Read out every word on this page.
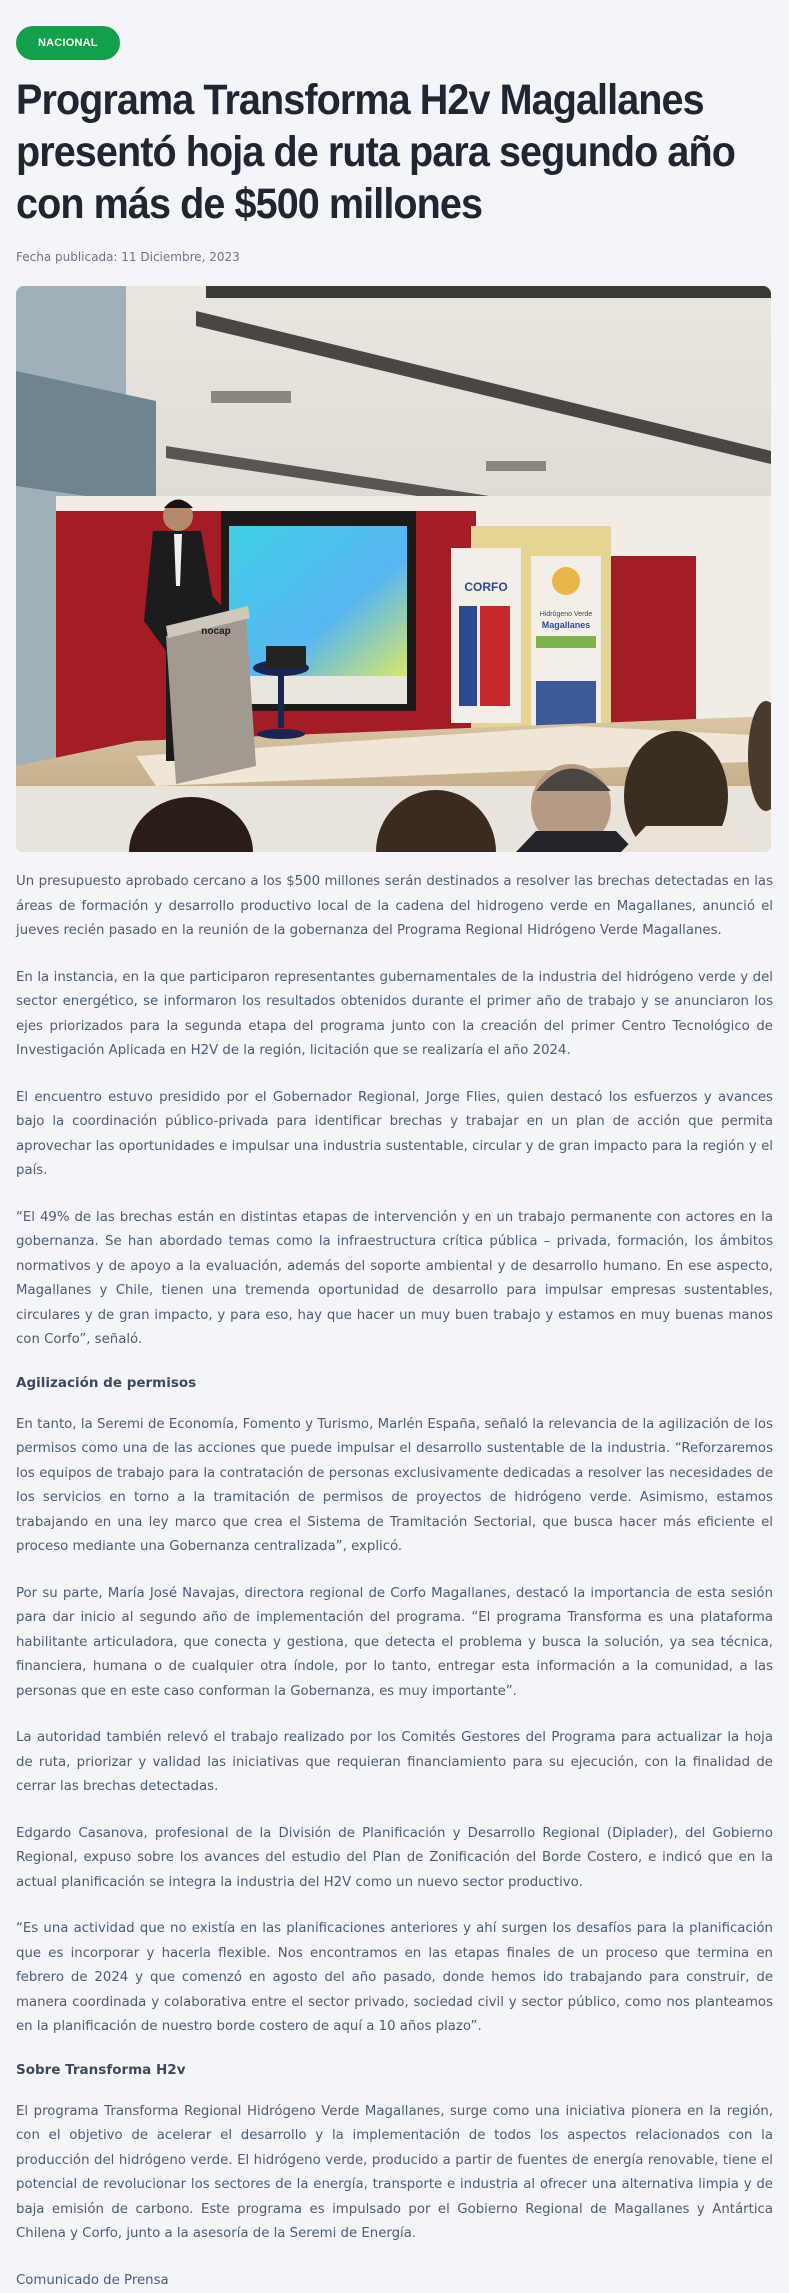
NACIONAL
Programa Transforma H2v Magallanes presentó hoja de ruta para segundo año con más de $500 millones
Fecha publicada: 11 Diciembre, 2023
CORFO
Hidrógeno Verde
Magallanes
nocap

Un presupuesto aprobado cercano a los $500 millones serán destinados a resolver las brechas detectadas en las áreas de formación y desarrollo productivo local de la cadena del hidrogeno verde en Magallanes, anunció el jueves recién pasado en la reunión de la gobernanza del Programa Regional Hidrógeno Verde Magallanes.

En la instancia, en la que participaron representantes gubernamentales de la industria del hidrógeno verde y del sector energético, se informaron los resultados obtenidos durante el primer año de trabajo y se anunciaron los ejes priorizados para la segunda etapa del programa junto con la creación del primer Centro Tecnológico de Investigación Aplicada en H2V de la región, licitación que se realizaría el año 2024.

El encuentro estuvo presidido por el Gobernador Regional, Jorge Flies, quien destacó los esfuerzos y avances bajo la coordinación público-privada para identificar brechas y trabajar en un plan de acción que permita aprovechar las oportunidades e impulsar una industria sustentable, circular y de gran impacto para la región y el país.

“El 49% de las brechas están en distintas etapas de intervención y en un trabajo permanente con actores en la gobernanza. Se han abordado temas como la infraestructura crítica pública – privada, formación, los ámbitos normativos y de apoyo a la evaluación, además del soporte ambiental y de desarrollo humano. En ese aspecto, Magallanes y Chile, tienen una tremenda oportunidad de desarrollo para impulsar empresas sustentables, circulares y de gran impacto, y para eso, hay que hacer un muy buen trabajo y estamos en muy buenas manos con Corfo”, señaló.

Agilización de permisos

En tanto, la Seremi de Economía, Fomento y Turismo, Marlén España, señaló la relevancia de la agilización de los permisos como una de las acciones que puede impulsar el desarrollo sustentable de la industria. “Reforzaremos los equipos de trabajo para la contratación de personas exclusivamente dedicadas a resolver las necesidades de los servicios en torno a la tramitación de permisos de proyectos de hidrógeno verde. Asimismo, estamos trabajando en una ley marco que crea el Sistema de Tramitación Sectorial, que busca hacer más eficiente el proceso mediante una Gobernanza centralizada”, explicó.

Por su parte, María José Navajas, directora regional de Corfo Magallanes, destacó la importancia de esta sesión para dar inicio al segundo año de implementación del programa. “El programa Transforma es una plataforma habilitante articuladora, que conecta y gestiona, que detecta el problema y busca la solución, ya sea técnica, financiera, humana o de cualquier otra índole, por lo tanto, entregar esta información a la comunidad, a las personas que en este caso conforman la Gobernanza, es muy importante”.

La autoridad también relevó el trabajo realizado por los Comités Gestores del Programa para actualizar la hoja de ruta, priorizar y validad las iniciativas que requieran financiamiento para su ejecución, con la finalidad de cerrar las brechas detectadas.

Edgardo Casanova, profesional de la División de Planificación y Desarrollo Regional (Diplader), del Gobierno Regional, expuso sobre los avances del estudio del Plan de Zonificación del Borde Costero, e indicó que en la actual planificación se integra la industria del H2V como un nuevo sector productivo.

“Es una actividad que no existía en las planificaciones anteriores y ahí surgen los desafíos para la planificación que es incorporar y hacerla flexible. Nos encontramos en las etapas finales de un proceso que termina en febrero de 2024 y que comenzó en agosto del año pasado, donde hemos ido trabajando para construir, de manera coordinada y colaborativa entre el sector privado, sociedad civil y sector público, como nos planteamos en la planificación de nuestro borde costero de aquí a 10 años plazo”.

Sobre Transforma H2v

El programa Transforma Regional Hidrógeno Verde Magallanes, surge como una iniciativa pionera en la región, con el objetivo de acelerar el desarrollo y la implementación de todos los aspectos relacionados con la producción del hidrógeno verde. El hidrógeno verde, producido a partir de fuentes de energía renovable, tiene el potencial de revolucionar los sectores de la energía, transporte e industria al ofrecer una alternativa limpia y de baja emisión de carbono. Este programa es impulsado por el Gobierno Regional de Magallanes y Antártica Chilena y Corfo, junto a la asesoría de la Seremi de Energía.

Comunicado de Prensa
